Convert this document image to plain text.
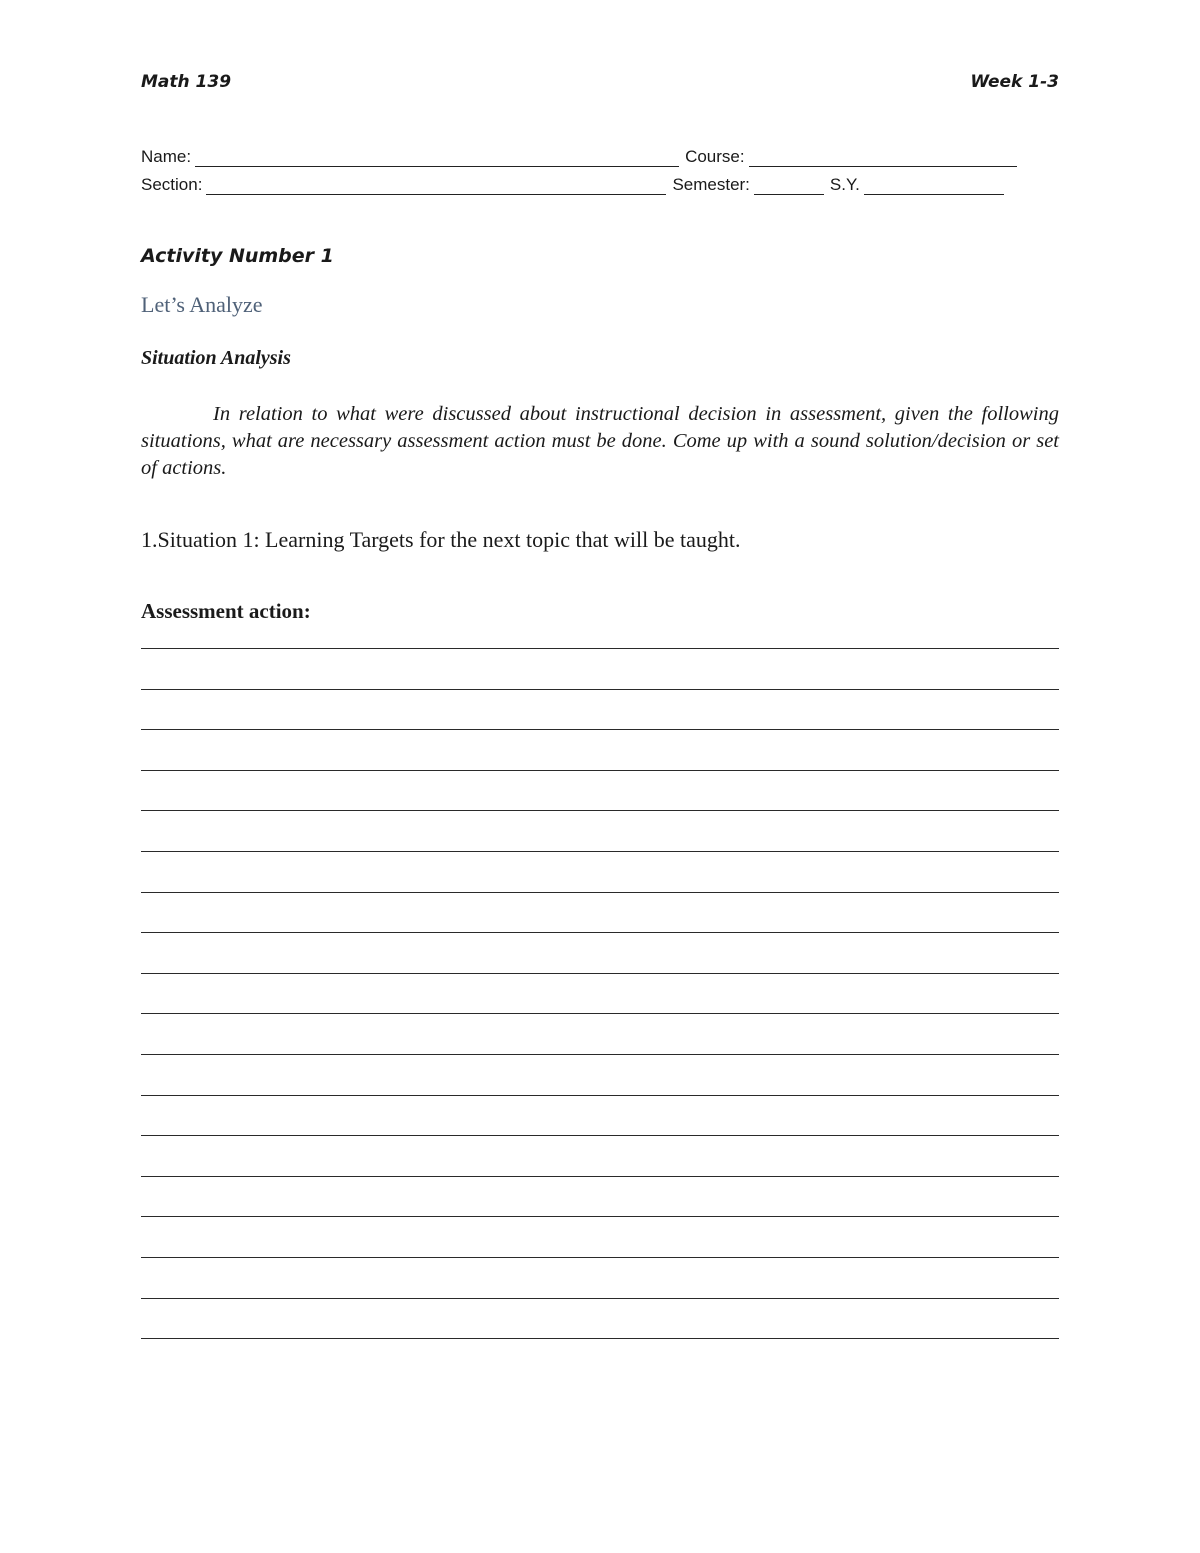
Math 139	Week 1-3
Name:	Course:
Section:	Semester:	S.Y.
Activity Number 1
Let’s Analyze
Situation Analysis

In relation to what were discussed about instructional decision in assessment, given the following situations, what are necessary assessment action must be done. Come up with a sound solution/decision or set of actions.

1.Situation 1: Learning Targets for the next topic that will be taught.
Assessment action:
